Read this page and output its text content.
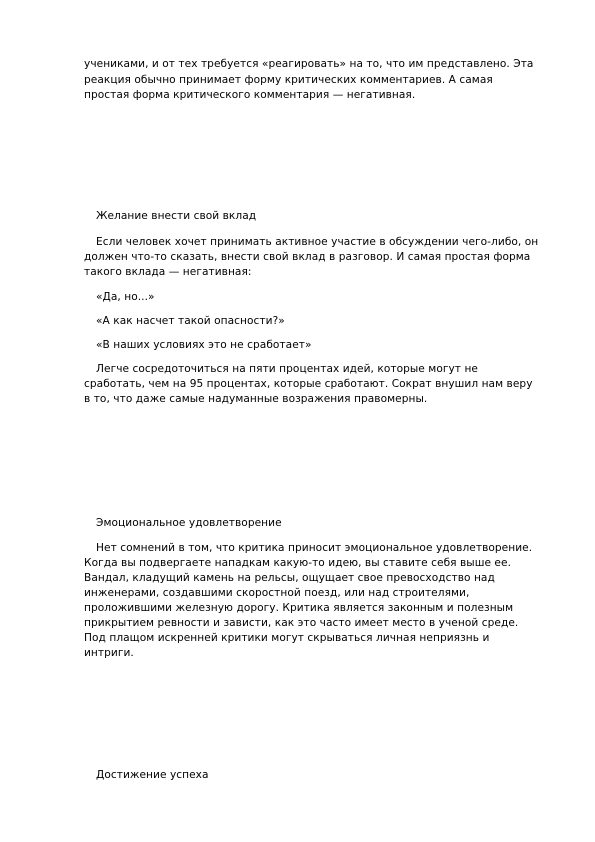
учениками, и от тех требуется «реагировать» на то, что им представлено. Эта
реакция обычно принимает форму критических комментариев. А самая
простая форма критического комментария — негативная.
Желание внести свой вклад
Если человек хочет принимать активное участие в обсуждении чего-либо, он
должен что-то сказать, внести свой вклад в разговор. И самая простая форма
такого вклада — негативная:
«Да, но...»
«А как насчет такой опасности?»
«В наших условиях это не сработает»
Легче сосредоточиться на пяти процентах идей, которые могут не
сработать, чем на 95 процентах, которые сработают. Сократ внушил нам веру
в то, что даже самые надуманные возражения правомерны.
Эмоциональное удовлетворение
Нет сомнений в том, что критика приносит эмоциональное удовлетворение.
Когда вы подвергаете нападкам какую-то идею, вы ставите себя выше ее.
Вандал, кладущий камень на рельсы, ощущает свое превосходство над
инженерами, создавшими скоростной поезд, или над строителями,
проложившими железную дорогу. Критика является законным и полезным
прикрытием ревности и зависти, как это часто имеет место в ученой среде.
Под плащом искренней критики могут скрываться личная неприязнь и
интриги.
Достижение успеха
